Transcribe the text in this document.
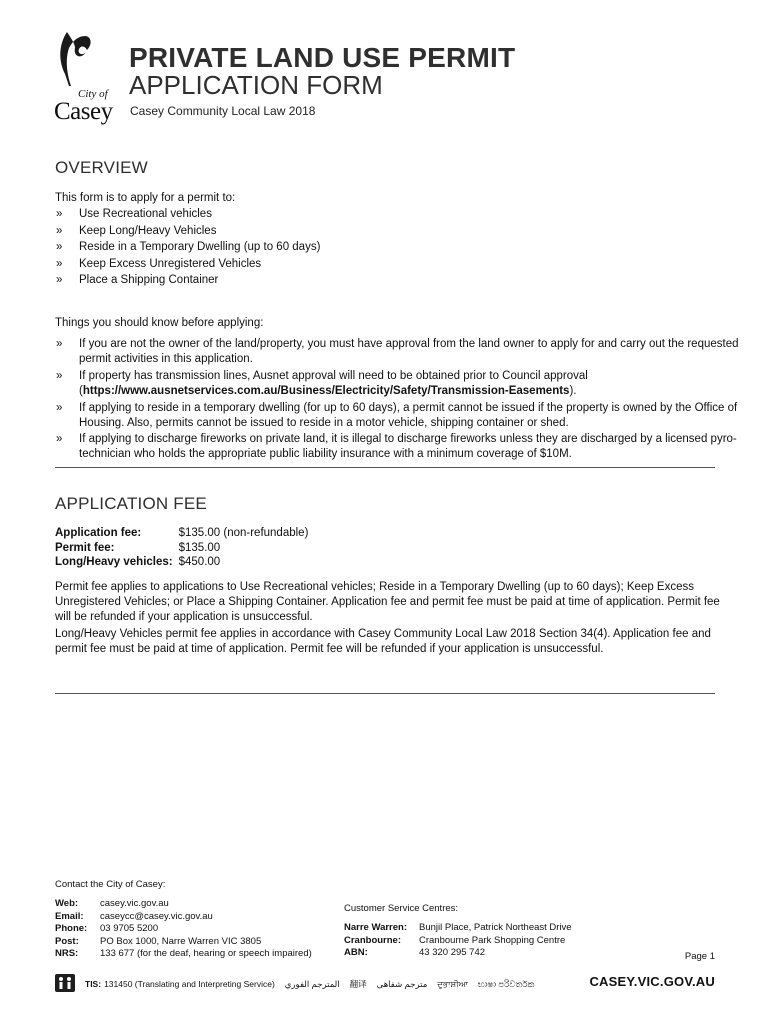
City of
Casey
PRIVATE LAND USE PERMIT
APPLICATION FORM
Casey Community Local Law 2018
OVERVIEW
This form is to apply for a permit to:
» Use Recreational vehicles
» Keep Long/Heavy Vehicles
» Reside in a Temporary Dwelling (up to 60 days)
» Keep Excess Unregistered Vehicles
» Place a Shipping Container
Things you should know before applying:
» If you are not the owner of the land/property, you must have approval from the land owner to apply for and carry out the requested permit activities in this application.
» If property has transmission lines, Ausnet approval will need to be obtained prior to Council approval
(https://www.ausnetservices.com.au/Business/Electricity/Safety/Transmission-Easements).
» If applying to reside in a temporary dwelling (for up to 60 days), a permit cannot be issued if the property is owned by the Office of Housing. Also, permits cannot be issued to reside in a motor vehicle, shipping container or shed.
» If applying to discharge fireworks on private land, it is illegal to discharge fireworks unless they are discharged by a licensed pyro-technician who holds the appropriate public liability insurance with a minimum coverage of $10M.
APPLICATION FEE
Application fee:	$135.00 (non-refundable)
Permit fee:	$135.00
Long/Heavy vehicles:	$450.00
Permit fee applies to applications to Use Recreational vehicles; Reside in a Temporary Dwelling (up to 60 days); Keep Excess Unregistered Vehicles; or Place a Shipping Container. Application fee and permit fee must be paid at time of application. Permit fee will be refunded if your application is unsuccessful.
Long/Heavy Vehicles permit fee applies in accordance with Casey Community Local Law 2018 Section 34(4). Application fee and permit fee must be paid at time of application. Permit fee will be refunded if your application is unsuccessful.
Contact the City of Casey:
Web:	casey.vic.gov.au
Email:	caseycc@casey.vic.gov.au
Phone:	03 9705 5200
Post:	PO Box 1000, Narre Warren VIC 3805
NRS:	133 677 (for the deaf, hearing or speech impaired)
Customer Service Centres:
Narre Warren:	Bunjil Place, Patrick Northeast Drive
Cranbourne:	Cranbourne Park Shopping Centre
ABN:	43 320 295 742	Page 1
TIS: 131450 (Translating and Interpreting Service) المترجم الفوري 翻译 مترجم شفاهی ਦੁਭਾਸ਼ੀਆ භාෂා පරිවර්තක	CASEY.VIC.GOV.AU
